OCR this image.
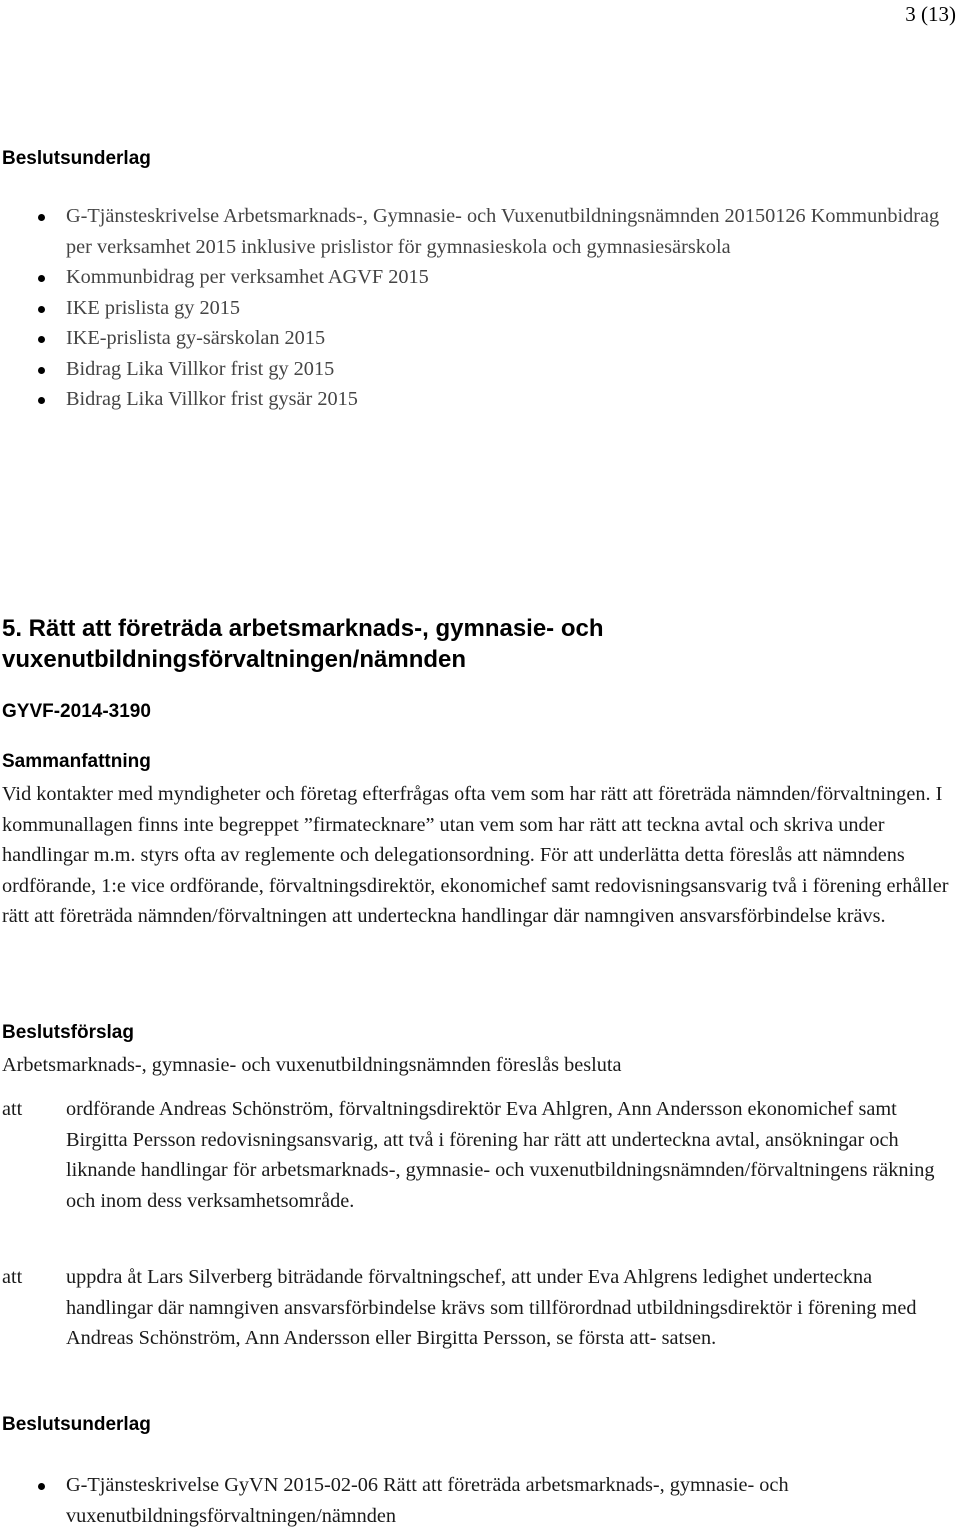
3 (13)
Beslutsunderlag
G-Tjänsteskrivelse Arbetsmarknads-, Gymnasie- och Vuxenutbildningsnämnden 20150126 Kommunbidrag per verksamhet 2015 inklusive prislistor för gymnasieskola och gymnasiesärskola
Kommunbidrag per verksamhet AGVF 2015
IKE prislista gy 2015
IKE-prislista gy-särskolan 2015
Bidrag Lika Villkor frist gy 2015
Bidrag Lika Villkor frist gysär 2015
5. Rätt att företräda arbetsmarknads-, gymnasie- och vuxenutbildningsförvaltningen/nämnden
GYVF-2014-3190
Sammanfattning
Vid kontakter med myndigheter och företag efterfrågas ofta vem som har rätt att företräda nämnden/förvaltningen. I kommunallagen finns inte begreppet ”firmatecknare” utan vem som har rätt att teckna avtal och skriva under handlingar m.m. styrs ofta av reglemente och delegationsordning. För att underlätta detta föreslås att nämndens ordförande, 1:e vice ordförande, förvaltningsdirektör, ekonomichef samt redovisningsansvarig två i förening erhåller rätt att företräda nämnden/förvaltningen att underteckna handlingar där namngiven ansvarsförbindelse krävs.
Beslutsförslag
Arbetsmarknads-, gymnasie- och vuxenutbildningsnämnden föreslås besluta
att	ordförande Andreas Schönström, förvaltningsdirektör Eva Ahlgren, Ann Andersson ekonomichef samt Birgitta Persson redovisningsansvarig, att två i förening har rätt att underteckna avtal, ansökningar och liknande handlingar för arbetsmarknads-, gymnasie- och vuxenutbildningsnämnden/förvaltningens räkning och inom dess verksamhetsområde.
att	uppdra åt Lars Silverberg biträdande förvaltningschef, att under Eva Ahlgrens ledighet underteckna handlingar där namngiven ansvarsförbindelse krävs som tillförordnad utbildningsdirektör i förening med Andreas Schönström, Ann Andersson eller Birgitta Persson, se första att- satsen.
Beslutsunderlag
G-Tjänsteskrivelse GyVN 2015-02-06 Rätt att företräda arbetsmarknads-, gymnasie- och vuxenutbildningsförvaltningen/nämnden
